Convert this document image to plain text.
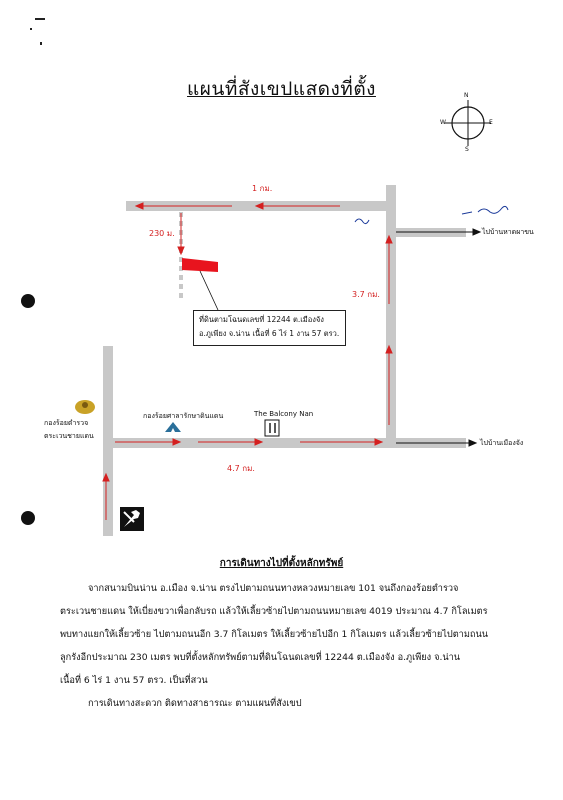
แผนที่สังเขปแสดงที่ตั้ง	N
S
E
W
1 กม.
230 ม.
3.7 กม.
4.7 กม.
ไปบ้านหาดผาขน
ไปบ้านเมืองจัง
กองร้อยตำรวจ
ตระเวนชายแดน
กองร้อยศาลารักษาดินแดน	The Balcony Nan
ที่ดินตามโฉนดเลขที่ 12244 ต.เมืองจัง
อ.ภูเพียง จ.น่าน เนื้อที่ 6 ไร่ 1 งาน 57 ตรว.
การเดินทางไปที่ตั้งหลักทรัพย์
จากสนามบินน่าน อ.เมือง จ.น่าน ตรงไปตามถนนทางหลวงหมายเลข 101 จนถึงกองร้อยตำรวจ
ตระเวนชายแดน ให้เบี่ยงขวาเพื่อกลับรถ แล้วให้เลี้ยวซ้ายไปตามถนนหมายเลข 4019 ประมาณ 4.7 กิโลเมตร
พบทางแยกให้เลี้ยวซ้าย ไปตามถนนอีก 3.7 กิโลเมตร ให้เลี้ยวซ้ายไปอีก 1 กิโลเมตร แล้วเลี้ยวซ้ายไปตามถนน
ลูกรังอีกประมาณ 230 เมตร พบที่ตั้งหลักทรัพย์ตามที่ดินโฉนดเลขที่ 12244 ต.เมืองจัง อ.ภูเพียง จ.น่าน
เนื้อที่ 6 ไร่ 1 งาน 57 ตรว. เป็นที่สวน
การเดินทางสะดวก ติดทางสาธารณะ ตามแผนที่สังเขป
